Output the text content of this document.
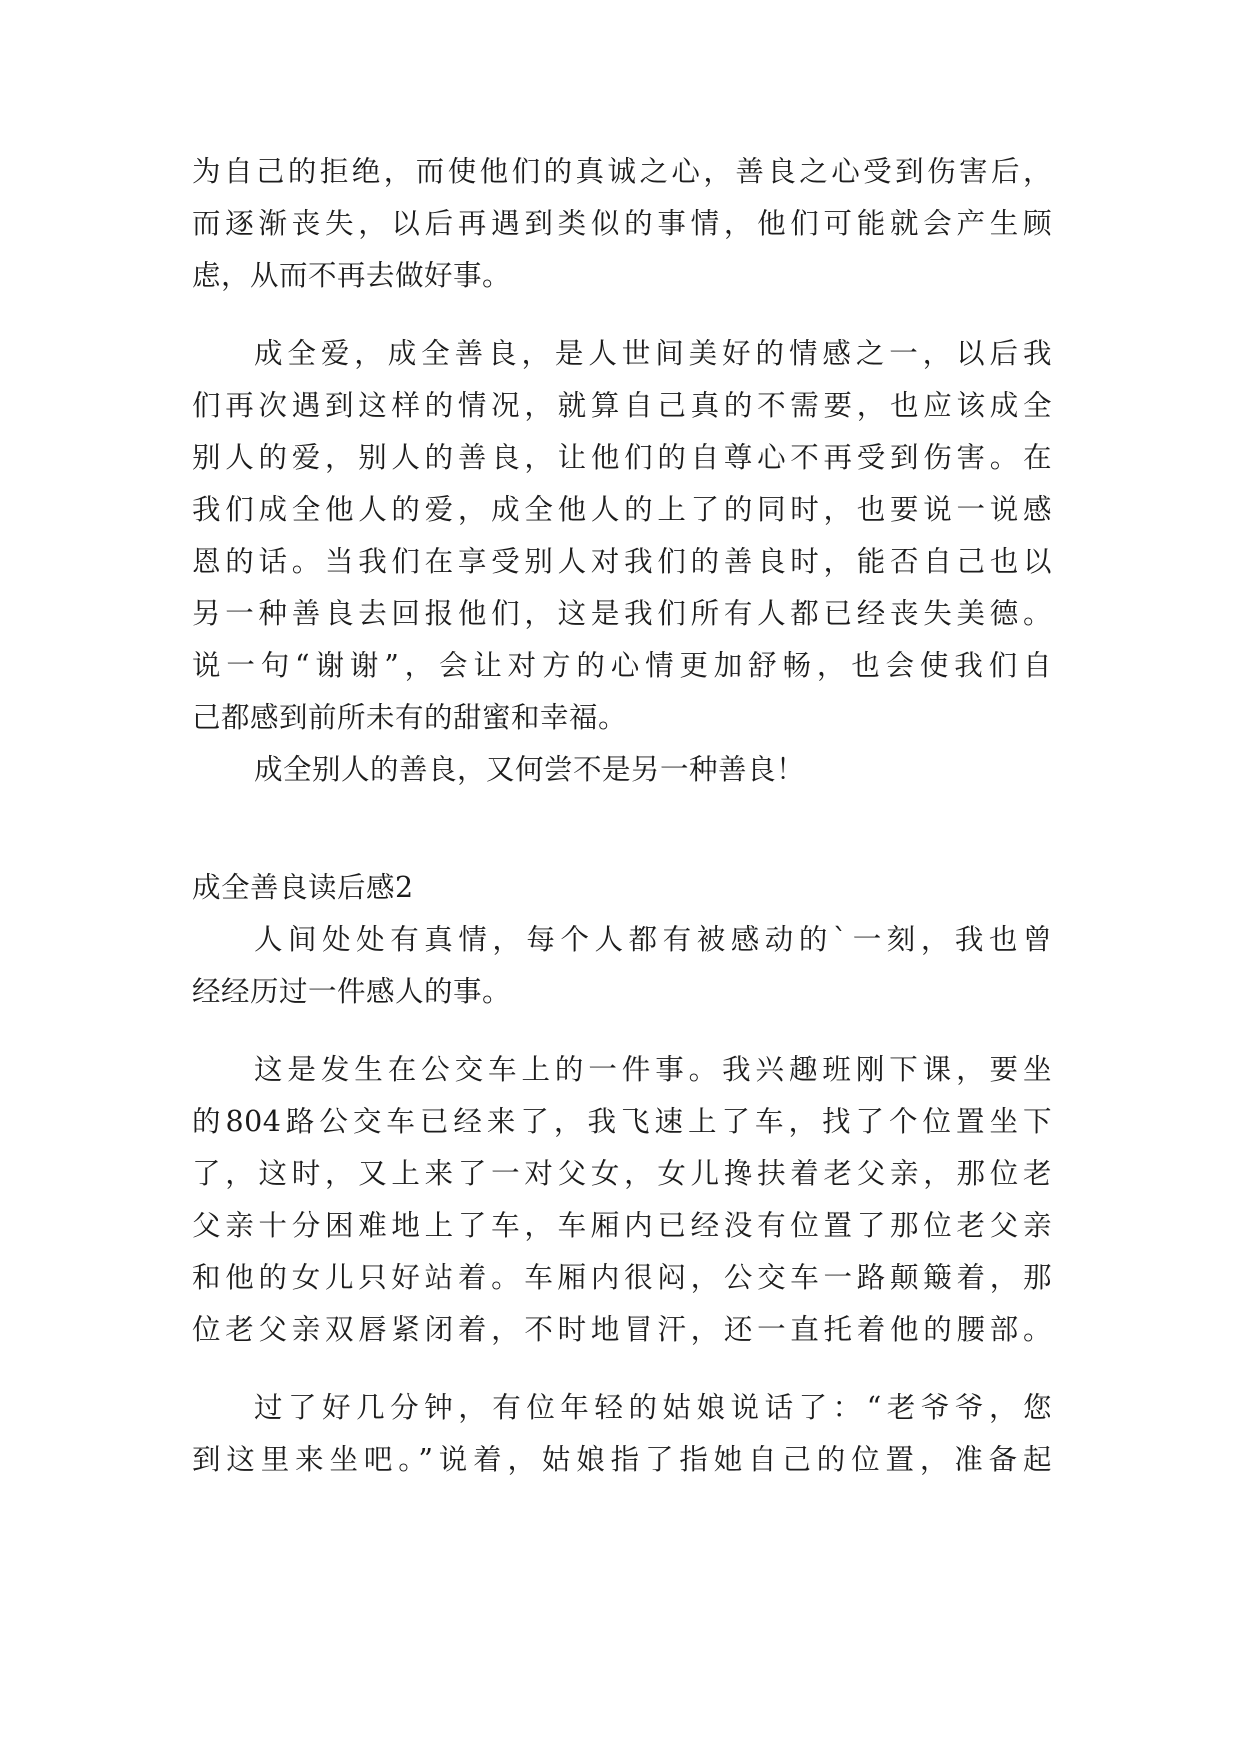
为自己的拒绝，而使他们的真诚之心，善良之心受到伤害后，
而逐渐丧失，以后再遇到类似的事情，他们可能就会产生顾
虑，从而不再去做好事。
成全爱，成全善良，是人世间美好的情感之一，以后我
们再次遇到这样的情况，就算自己真的不需要，也应该成全
别人的爱，别人的善良，让他们的自尊心不再受到伤害。在
我们成全他人的爱，成全他人的上了的同时，也要说一说感
恩的话。当我们在享受别人对我们的善良时，能否自己也以
另一种善良去回报他们，这是我们所有人都已经丧失美德。
说一句“谢谢”，会让对方的心情更加舒畅，也会使我们自
己都感到前所未有的甜蜜和幸福。
成全别人的善良，又何尝不是另一种善良！
成全善良读后感2
人间处处有真情，每个人都有被感动的`一刻，我也曾
经经历过一件感人的事。
这是发生在公交车上的一件事。我兴趣班刚下课，要坐
的804路公交车已经来了，我飞速上了车，找了个位置坐下
了，这时，又上来了一对父女，女儿搀扶着老父亲，那位老
父亲十分困难地上了车，车厢内已经没有位置了那位老父亲
和他的女儿只好站着。车厢内很闷，公交车一路颠簸着，那
位老父亲双唇紧闭着，不时地冒汗，还一直托着他的腰部。
过了好几分钟，有位年轻的姑娘说话了：“老爷爷，您
到这里来坐吧。”说着，姑娘指了指她自己的位置，准备起
